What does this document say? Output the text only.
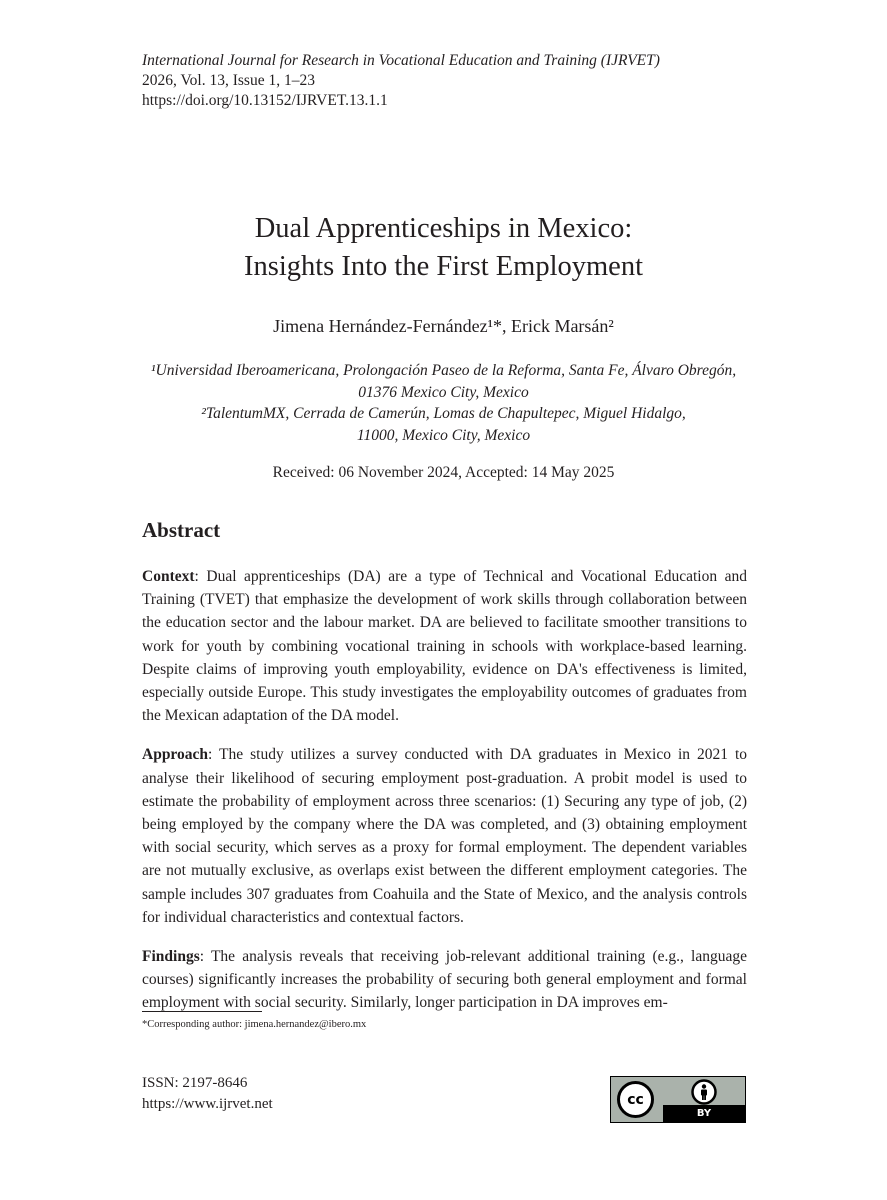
International Journal for Research in Vocational Education and Training (IJRVET)
2026, Vol. 13, Issue 1, 1–23
https://doi.org/10.13152/IJRVET.13.1.1
Dual Apprenticeships in Mexico:
Insights Into the First Employment
Jimena Hernández-Fernández¹*, Erick Marsán²
¹Universidad Iberoamericana, Prolongación Paseo de la Reforma, Santa Fe, Álvaro Obregón,
01376 Mexico City, Mexico
²TalentumMX, Cerrada de Camerún, Lomas de Chapultepec, Miguel Hidalgo,
11000, Mexico City, Mexico
Received: 06 November 2024, Accepted: 14 May 2025
Abstract

Context: Dual apprenticeships (DA) are a type of Technical and Vocational Education and Training (TVET) that emphasize the development of work skills through collaboration between the education sector and the labour market. DA are believed to facilitate smoother transitions to work for youth by combining vocational training in schools with workplace-based learning. Despite claims of improving youth employability, evidence on DA's effectiveness is limited, especially outside Europe. This study investigates the employability outcomes of graduates from the Mexican adaptation of the DA model.

Approach: The study utilizes a survey conducted with DA graduates in Mexico in 2021 to analyse their likelihood of securing employment post-graduation. A probit model is used to estimate the probability of employment across three scenarios: (1) Securing any type of job, (2) being employed by the company where the DA was completed, and (3) obtaining employment with social security, which serves as a proxy for formal employment. The dependent variables are not mutually exclusive, as overlaps exist between the different employment categories. The sample includes 307 graduates from Coahuila and the State of Mexico, and the analysis controls for individual characteristics and contextual factors.

Findings: The analysis reveals that receiving job-relevant additional training (e.g., language courses) significantly increases the probability of securing both general employment and formal employment with social security. Similarly, longer participation in DA improves em-

*Corresponding author: jimena.hernandez@ibero.mx
ISSN: 2197-8646
https://www.ijrvet.net	cc
BY
